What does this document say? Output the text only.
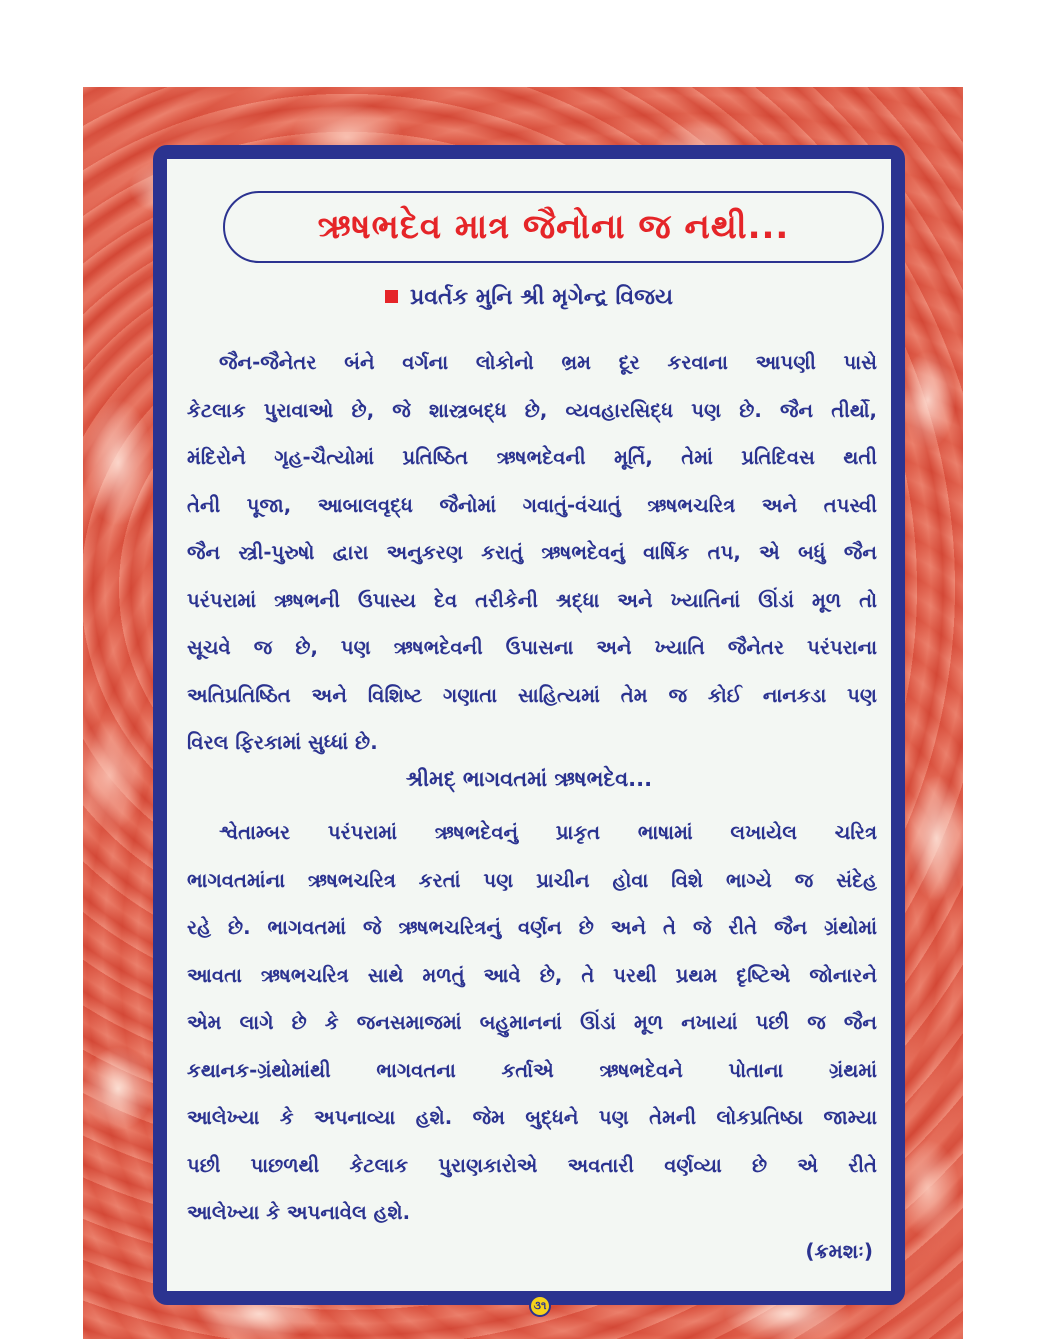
ઋષભદેવ માત્ર જૈનોના જ નથી...
પ્રવર્તક મુનિ શ્રી મૃગેન્દ્ર વિજય
જૈન-જૈનેતર બંને વર્ગના લોકોનો ભ્રમ દૂર કરવાના આપણી પાસે
કેટલાક પુરાવાઓ છે, જે શાસ્ત્રબદ્ધ છે, વ્યવહારસિદ્ધ પણ છે. જૈન તીર્થો,
મંદિરોને ગૃહ-ચૈત્યોમાં પ્રતિષ્ઠિત ઋષભદેવની મૂર્તિ, તેમાં પ્રતિદિવસ થતી
તેની પૂજા, આબાલવૃદ્ધ જૈનોમાં ગવાતું-વંચાતું ઋષભચરિત્ર અને તપસ્વી
જૈન સ્ત્રી-પુરુષો દ્વારા અનુકરણ કરાતું ઋષભદેવનું વાર્ષિક તપ, એ બધું જૈન
પરંપરામાં ઋષભની ઉપાસ્ય દેવ તરીકેની શ્રદ્ધા અને ખ્યાતિનાં ઊંડાં મૂળ તો
સૂચવે જ છે, પણ ઋષભદેવની ઉપાસના અને ખ્યાતિ જૈનેતર પરંપરાના
અતિપ્રતિષ્ઠિત અને વિશિષ્ટ ગણાતા સાહિત્યમાં તેમ જ કોઈ નાનકડા પણ
વિરલ ફિરકામાં સુધ્ધાં છે.
શ્રીમદ્ ભાગવતમાં ઋષભદેવ...
શ્વેતામ્બર પરંપરામાં ઋષભદેવનું પ્રાકૃત ભાષામાં લખાયેલ ચરિત્ર
ભાગવતમાંના ઋષભચરિત્ર કરતાં પણ પ્રાચીન હોવા વિશે ભાગ્યે જ સંદેહ
રહે છે. ભાગવતમાં જે ઋષભચરિત્રનું વર્ણન છે અને તે જે રીતે જૈન ગ્રંથોમાં
આવતા ઋષભચરિત્ર સાથે મળતું આવે છે, તે પરથી પ્રથમ દૃષ્ટિએ જોનારને
એમ લાગે છે કે જનસમાજમાં બહુમાનનાં ઊંડાં મૂળ નખાયાં પછી જ જૈન
કથાનક-ગ્રંથોમાંથી ભાગવતના કર્તાએ ઋષભદેવને પોતાના ગ્રંથમાં
આલેખ્યા કે અપનાવ્યા હશે. જેમ બુદ્ધને પણ તેમની લોકપ્રતિષ્ઠા જામ્યા
પછી પાછળથી કેટલાક પુરાણકારોએ અવતારી વર્ણવ્યા છે એ રીતે
આલેખ્યા કે અપનાવેલ હશે.
(ક્રમશઃ)
૩૧
